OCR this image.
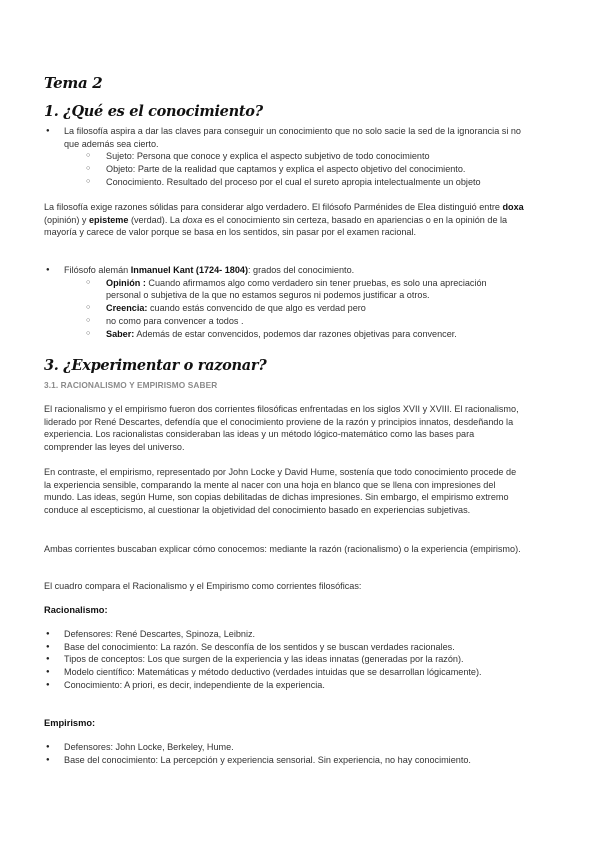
Tema 2
1. ¿Qué es el conocimiento?
● La filosofía aspira a dar las claves para conseguir un conocimiento que no solo sacie la sed de la ignorancia si no que además sea cierto.
○ Sujeto: Persona que conoce y explica el aspecto subjetivo de todo conocimiento
○ Objeto: Parte de la realidad que captamos y explica el aspecto objetivo del conocimiento.
○ Conocimiento. Resultado del proceso por el cual el sureto apropia intelectualmente un objeto
La filosofía exige razones sólidas para considerar algo verdadero. El filósofo Parménides de Elea distinguió entre doxa (opinión) y episteme (verdad). La doxa es el conocimiento sin certeza, basado en apariencias o en la opinión de la mayoría y carece de valor porque se basa en los sentidos, sin pasar por el examen racional.
● Filósofo alemán Inmanuel Kant (1724- 1804): grados del conocimiento.
○ Opinión : Cuando afirmamos algo como verdadero sin tener pruebas, es solo una apreciación personal o subjetiva de la que no estamos seguros ni podemos justificar a otros.
○ Creencia: cuando estás convencido de que algo es verdad pero
○ no como para convencer a todos .
○ Saber: Además de estar convencidos, podemos dar razones objetivas para convencer.
3. ¿Experimentar o razonar?
3.1. RACIONALISMO Y EMPIRISMO SABER
El racionalismo y el empirismo fueron dos corrientes filosóficas enfrentadas en los siglos XVII y XVIII. El racionalismo, liderado por René Descartes, defendía que el conocimiento proviene de la razón y principios innatos, desdeñando la experiencia. Los racionalistas consideraban las ideas y un método lógico-matemático como las bases para comprender las leyes del universo.
En contraste, el empirismo, representado por John Locke y David Hume, sostenía que todo conocimiento procede de la experiencia sensible, comparando la mente al nacer con una hoja en blanco que se llena con impresiones del mundo. Las ideas, según Hume, son copias debilitadas de dichas impresiones. Sin embargo, el empirismo extremo conduce al escepticismo, al cuestionar la objetividad del conocimiento basado en experiencias subjetivas.
Ambas corrientes buscaban explicar cómo conocemos: mediante la razón (racionalismo) o la experiencia (empirismo).
El cuadro compara el Racionalismo y el Empirismo como corrientes filosóficas:
Racionalismo:
● Defensores: René Descartes, Spinoza, Leibniz.
● Base del conocimiento: La razón. Se desconfía de los sentidos y se buscan verdades racionales.
● Tipos de conceptos: Los que surgen de la experiencia y las ideas innatas (generadas por la razón).
● Modelo científico: Matemáticas y método deductivo (verdades intuidas que se desarrollan lógicamente).
● Conocimiento: A priori, es decir, independiente de la experiencia.
Empirismo:
● Defensores: John Locke, Berkeley, Hume.
● Base del conocimiento: La percepción y experiencia sensorial. Sin experiencia, no hay conocimiento.
